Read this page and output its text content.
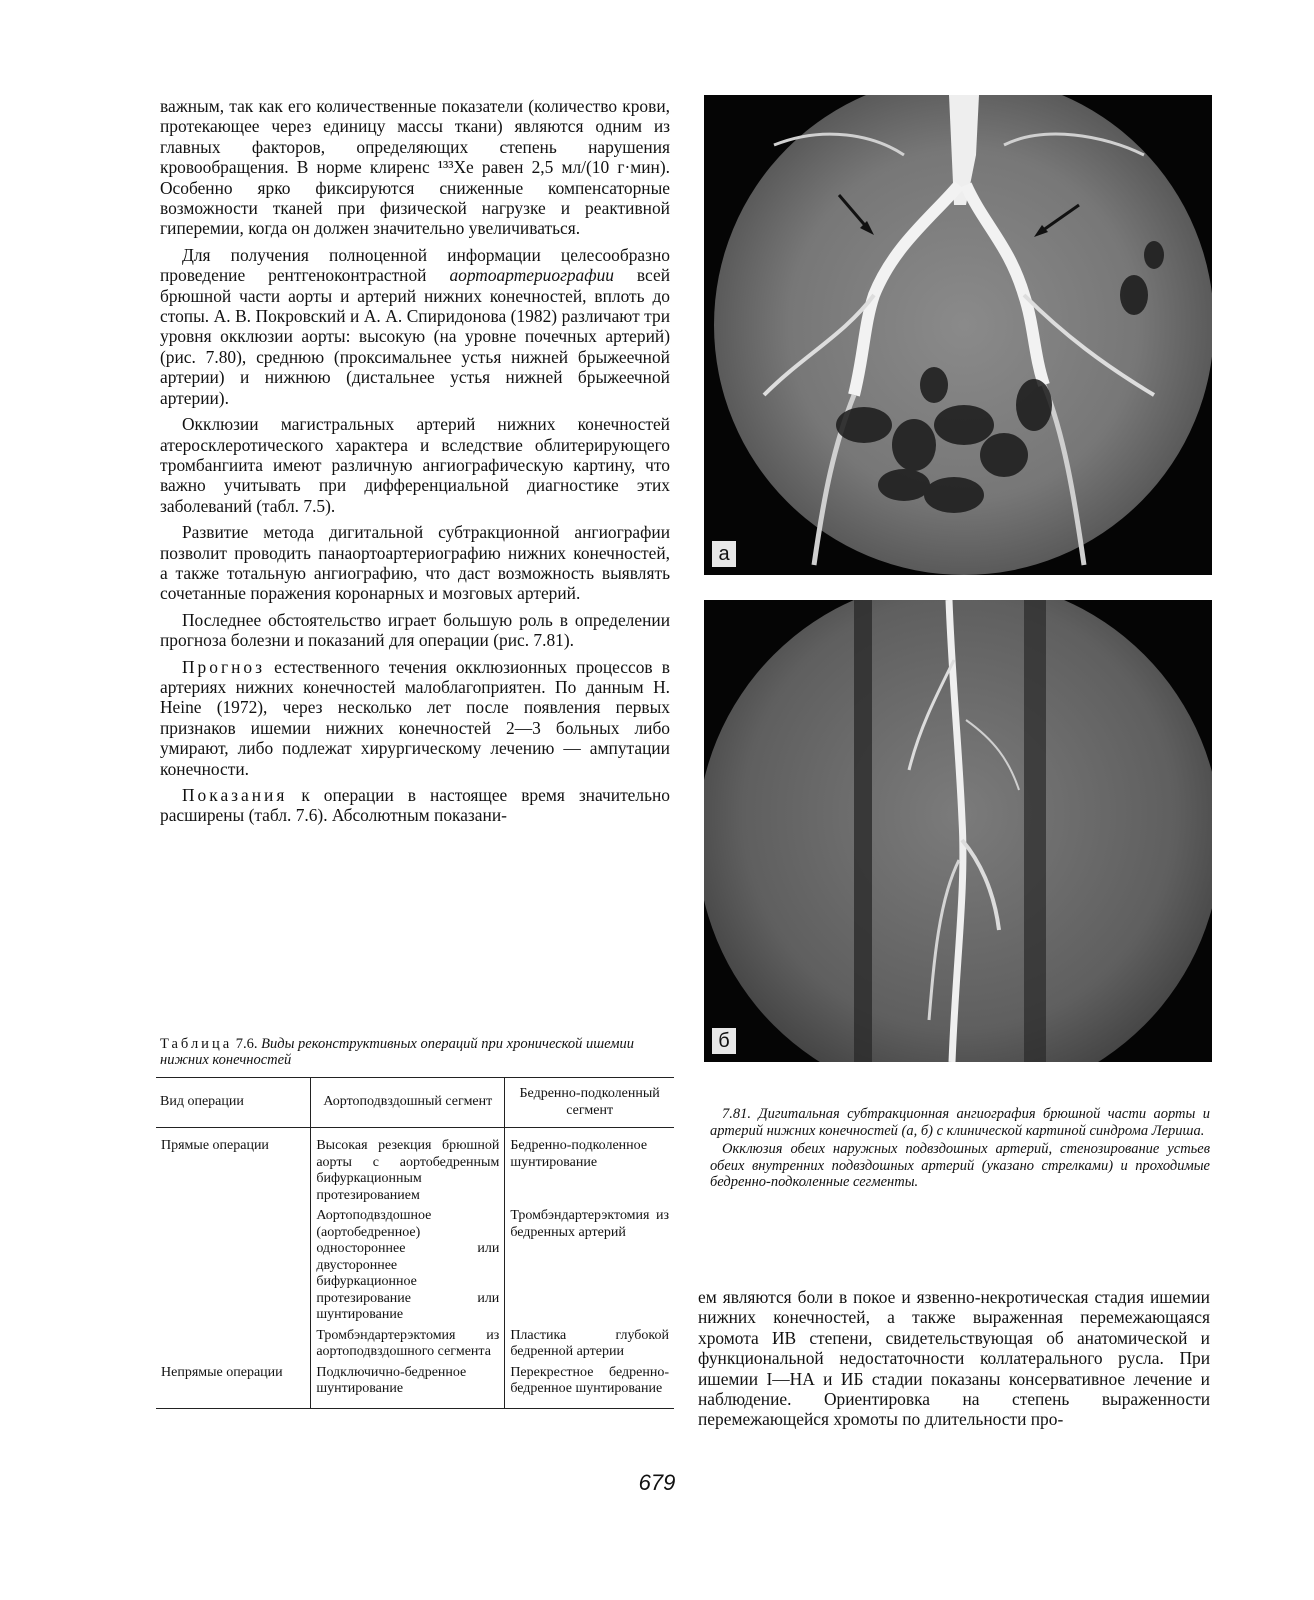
важным, так как его количественные показатели (количество крови, протекающее через единицу массы ткани) являются одним из главных факторов, определяющих степень нарушения кровообращения. В норме клиренс ¹³³Хе равен 2,5 мл/(10 г·мин). Особенно ярко фиксируются сниженные компенсаторные возможности тканей при физической нагрузке и реактивной гиперемии, когда он должен значительно увеличиваться.

Для получения полноценной информации целесообразно проведение рентгеноконтрастной аортоартериографии всей брюшной части аорты и артерий нижних конечностей, вплоть до стопы. А. В. Покровский и А. А. Спиридонова (1982) различают три уровня окклюзии аорты: высокую (на уровне почечных артерий) (рис. 7.80), среднюю (проксимальнее устья нижней брыжеечной артерии) и нижнюю (дистальнее устья нижней брыжеечной артерии).

Окклюзии магистральных артерий нижних конечностей атеросклеротического характера и вследствие облитерирующего тромбангиита имеют различную ангиографическую картину, что важно учитывать при дифференциальной диагностике этих заболеваний (табл. 7.5).

Развитие метода дигитальной субтракционной ангиографии позволит проводить панаортоартериографию нижних конечностей, а также тотальную ангиографию, что даст возможность выявлять сочетанные поражения коронарных и мозговых артерий.

Последнее обстоятельство играет большую роль в определении прогноза болезни и показаний для операции (рис. 7.81).

Прогноз естественного течения окклюзионных процессов в артериях нижних конечностей малоблагоприятен. По данным H. Heine (1972), через несколько лет после появления первых признаков ишемии нижних конечностей 2—3 больных либо умирают, либо подлежат хирургическому лечению — ампутации конечности.

Показания к операции в настоящее время значительно расширены (табл. 7.6). Абсолютным показани-

а
б

7.81. Дигитальная субтракционная ангиография брюшной части аорты и артерий нижних конечностей (а, б) с клинической картиной синдрома Лериша.

Окклюзия обеих наружных подвздошных артерий, стенозирование устьев обеих внутренних подвздошных артерий (указано стрелками) и проходимые бедренно-подколенные сегменты.

ем являются боли в покое и язвенно-некротическая стадия ишемии нижних конечностей, а также выраженная перемежающаяся хромота ИВ степени, свидетельствующая об анатомической и функциональной недостаточности коллатерального русла. При ишемии I—НА и ИБ стадии показаны консервативное лечение и наблюдение. Ориентировка на степень выраженности перемежающейся хромоты по длительности про-

Таблица 7.6. Виды реконструктивных операций при хронической ишемии нижних конечностей
Вид операции	Аортоподвздошный сегмент	Бедренно-подколенный сегмент
Прямые операции	Высокая резекция брюшной аорты с аортобедренным бифуркационным протезированием	Бедренно-подколенное шунтирование
	Аортоподвздошное (аортобедренное) одностороннее или двустороннее бифуркационное протезирование или шунтирование	Тромбэндартерэктомия из бедренных артерий
	Тромбэндартерэктомия из аортоподвздошного сегмента	Пластика глубокой бедренной артерии
Непрямые операции	Подключично-бедренное шунтирование	Перекрестное бедренно-бедренное шунтирование
679
